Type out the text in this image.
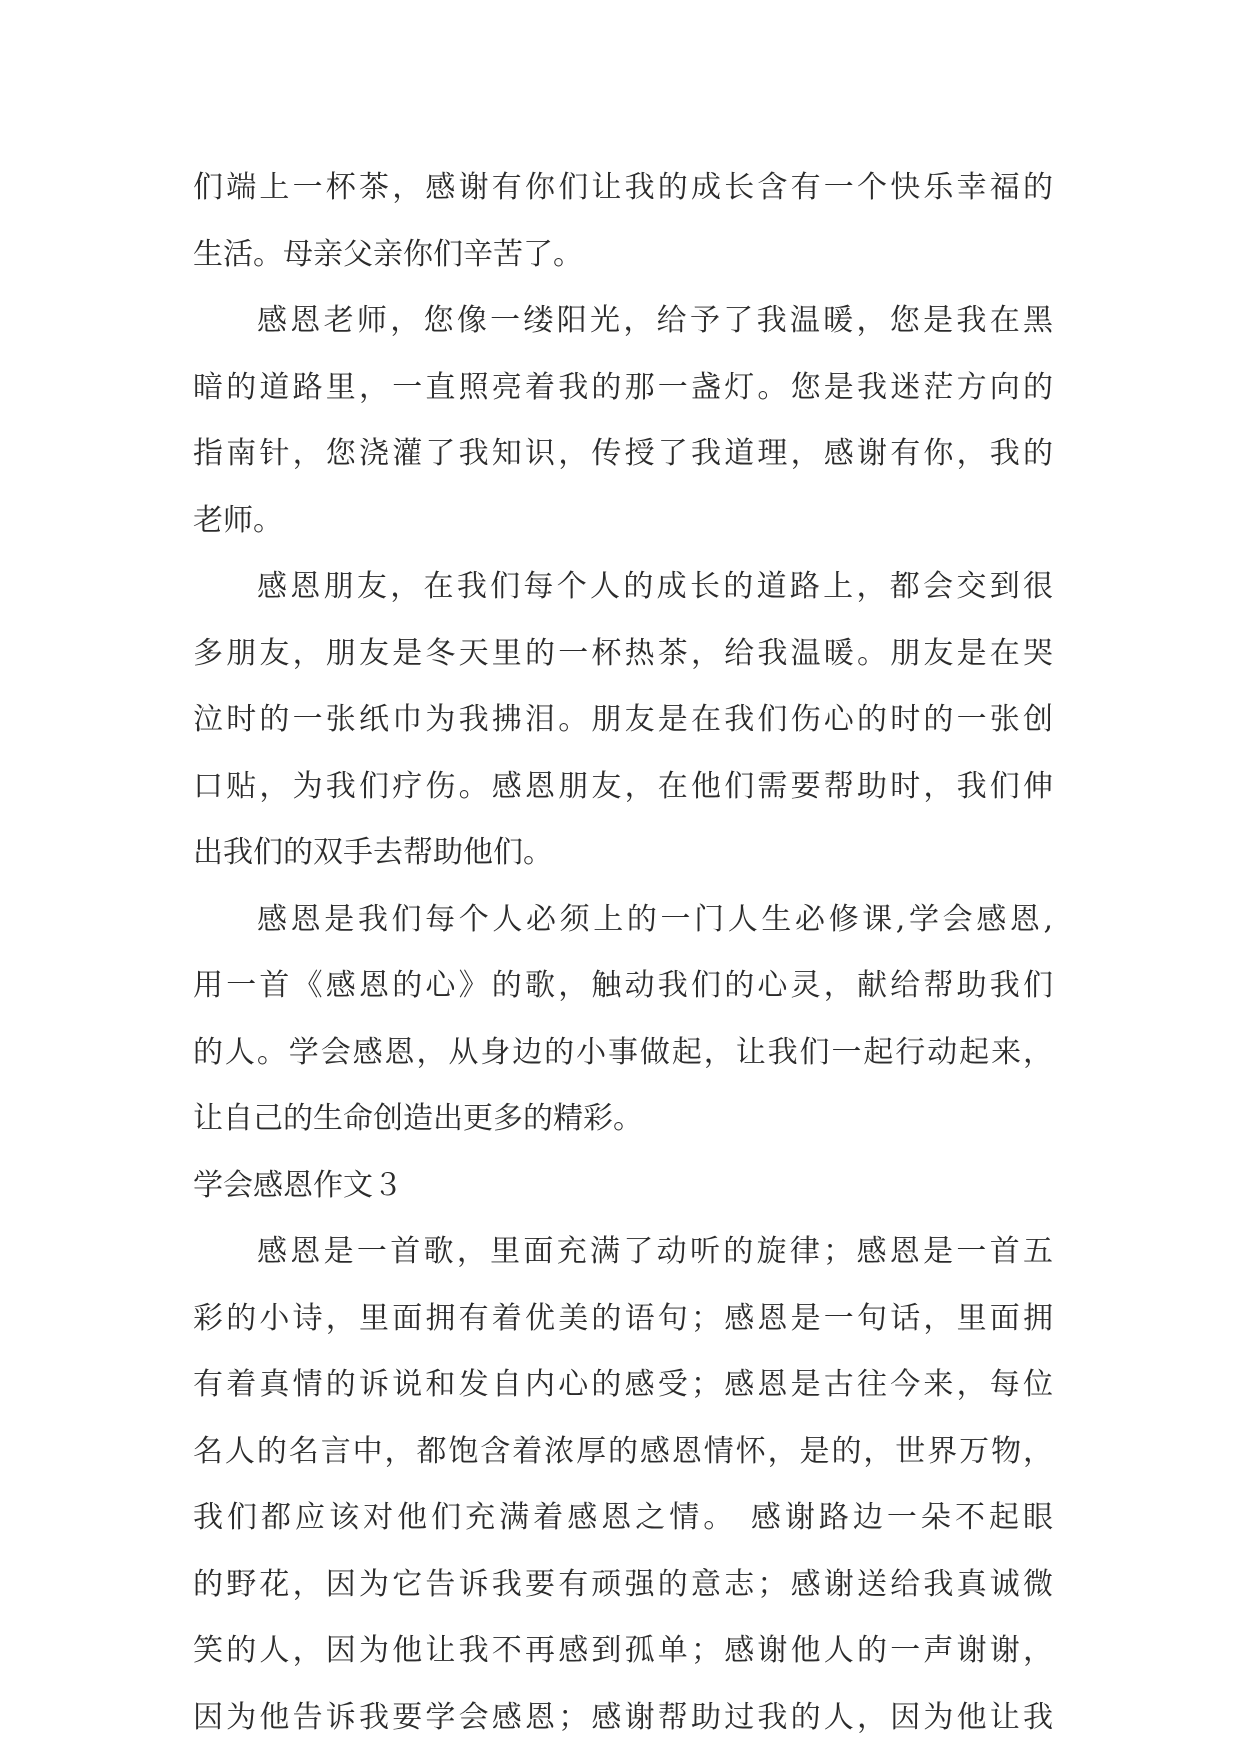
们端上一杯茶，感谢有你们让我的成长含有一个快乐幸福的
生活。母亲父亲你们辛苦了。
感恩老师，您像一缕阳光，给予了我温暖，您是我在黑
暗的道路里，一直照亮着我的那一盏灯。您是我迷茫方向的
指南针，您浇灌了我知识，传授了我道理，感谢有你，我的
老师。
感恩朋友，在我们每个人的成长的道路上，都会交到很
多朋友，朋友是冬天里的一杯热茶，给我温暖。朋友是在哭
泣时的一张纸巾为我拂泪。朋友是在我们伤心的时的一张创
口贴，为我们疗伤。感恩朋友，在他们需要帮助时，我们伸
出我们的双手去帮助他们。
感恩是我们每个人必须上的一门人生必修课,学会感恩,
用一首《感恩的心》的歌，触动我们的心灵，献给帮助我们
的人。学会感恩，从身边的小事做起，让我们一起行动起来，
让自己的生命创造出更多的精彩。
学会感恩作文３
感恩是一首歌，里面充满了动听的旋律；感恩是一首五
彩的小诗，里面拥有着优美的语句；感恩是一句话，里面拥
有着真情的诉说和发自内心的感受；感恩是古往今来，每位
名人的名言中，都饱含着浓厚的感恩情怀，是的，世界万物，
我们都应该对他们充满着感恩之情。 感谢路边一朵不起眼
的野花，因为它告诉我要有顽强的意志；感谢送给我真诚微
笑的人，因为他让我不再感到孤单；感谢他人的一声谢谢，
因为他告诉我要学会感恩；感谢帮助过我的人，因为他让我
